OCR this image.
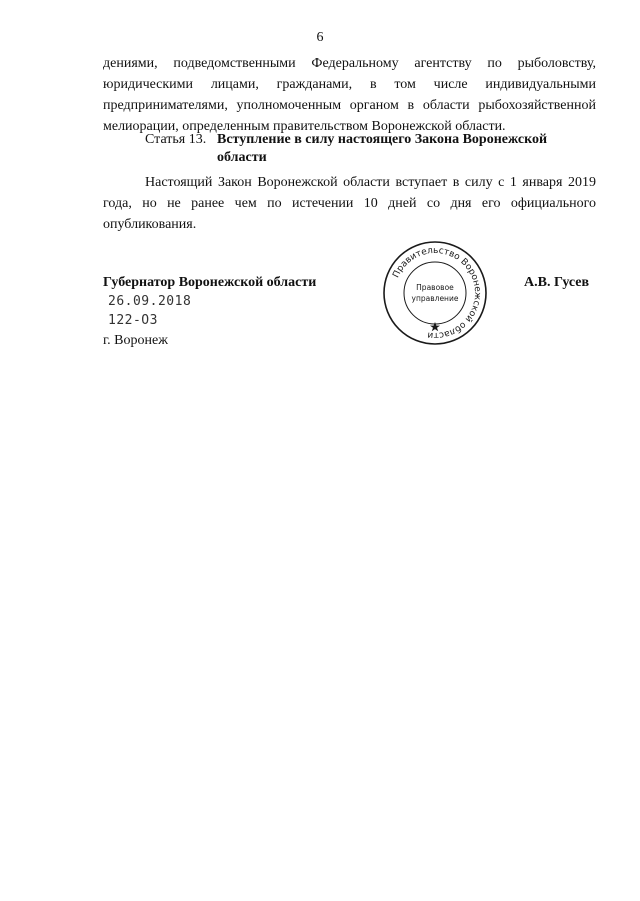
6
дениями, подведомственными Федеральному агентству по рыболовству, юридическими лицами, гражданами, в том числе индивидуальными предпринимателями, уполномоченным органом в области рыбохозяйственной мелиорации, определенным правительством Воронежской области.
Статья 13. Вступление в силу настоящего Закона Воронежской области
Настоящий Закон Воронежской области вступает в силу с 1 января 2019 года, но не ранее чем по истечении 10 дней со дня его официального опубликования.
Губернатор Воронежской области
Правительство Воронежской области
Правовое
управление
А.В. Гусев
26.09.2018
122-ОЗ
г. Воронеж
